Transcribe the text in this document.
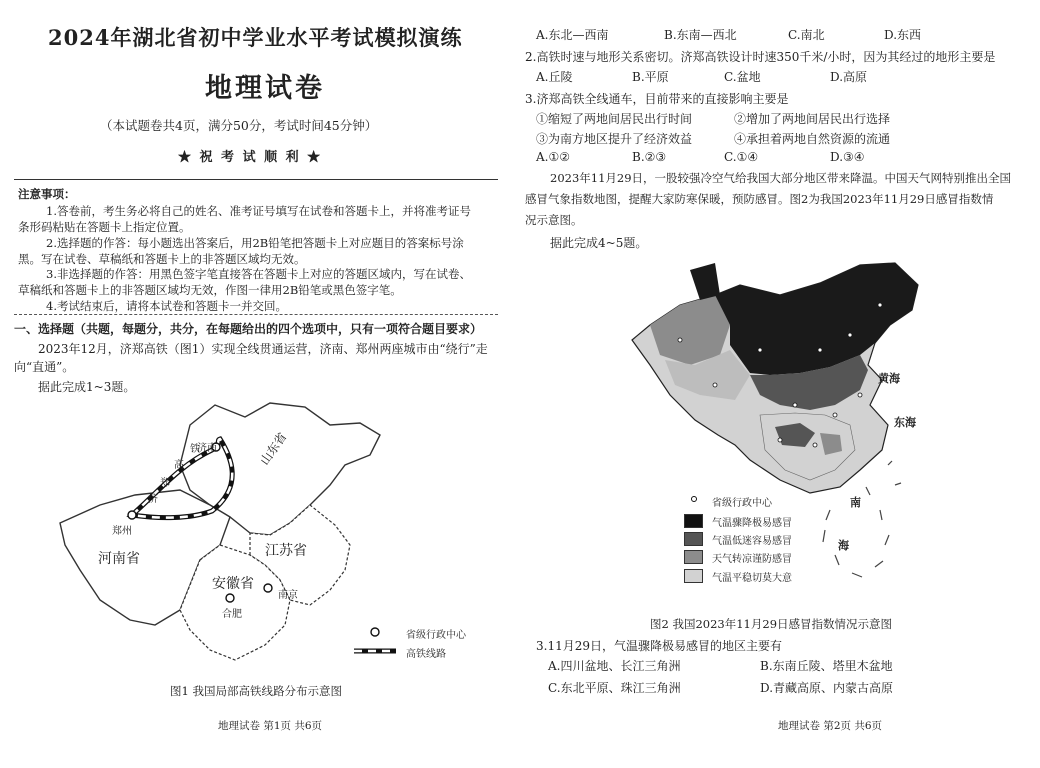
2024年湖北省初中学业水平考试模拟演练
地理试卷
（本试题卷共4页，满分50分，考试时间45分钟）
★ 祝 考 试 顺 利 ★
注意事项：
1.答卷前，考生务必将自己的姓名、准考证号填写在试卷和答题卡上，并将准考证号
条形码粘贴在答题卡上指定位置。
2.选择题的作答：每小题选出答案后，用2B铅笔把答题卡上对应题目的答案标号涂
黑。写在试卷、草稿纸和答题卡上的非答题区域均无效。
3.非选择题的作答：用黑色签字笔直接答在答题卡上对应的答题区域内，写在试卷、
草稿纸和答题卡上的非答题区域均无效，作图一律用2B铅笔或黑色签字笔。
4.考试结束后，请将本试卷和答题卡一并交回。
一、选择题（共题，每题分，共分，在每题给出的四个选项中，只有一项符合题目要求）
2023年12月，济郑高铁（图1）实现全线贯通运营，济南、郑州两座城市由“绕行”走
向“直通”。
据此完成1~3题。
济南
郑州
合肥
南京
山东省
河南省	江苏省
安徽省
济
郑
高
铁
省级行政中心
高铁线路
图1 我国局部高铁线路分布示意图
地理试卷 第1页 共6页
A.东北—西南	B.东南—西北	C.南北	D.东西
2.高铁时速与地形关系密切。济郑高铁设计时速350千米/小时，因为其经过的地形主要是
A.丘陵	B.平原	C.盆地	D.高原
3.济郑高铁全线通车，目前带来的直接影响主要是
①缩短了两地间居民出行时间	②增加了两地间居民出行选择
③为南方地区提升了经济效益	④承担着两地自然资源的流通
A.①②	B.②③	C.①④	D.③④
2023年11月29日，一股较强冷空气给我国大部分地区带来降温。中国天气网特别推出全国
感冒气象指数地图，提醒大家防寒保暖，预防感冒。图2为我国2023年11月29日感冒指数情
况示意图。
据此完成4~5题。
黄海
东海
南
海
省级行政中心
气温骤降极易感冒
气温低迷容易感冒
天气转凉谨防感冒
气温平稳切莫大意
图2 我国2023年11月29日感冒指数情况示意图
3.11月29日，气温骤降极易感冒的地区主要有
A.四川盆地、长江三角洲	B.东南丘陵、塔里木盆地
C.东北平原、珠江三角洲	D.青藏高原、内蒙古高原
地理试卷 第2页 共6页
